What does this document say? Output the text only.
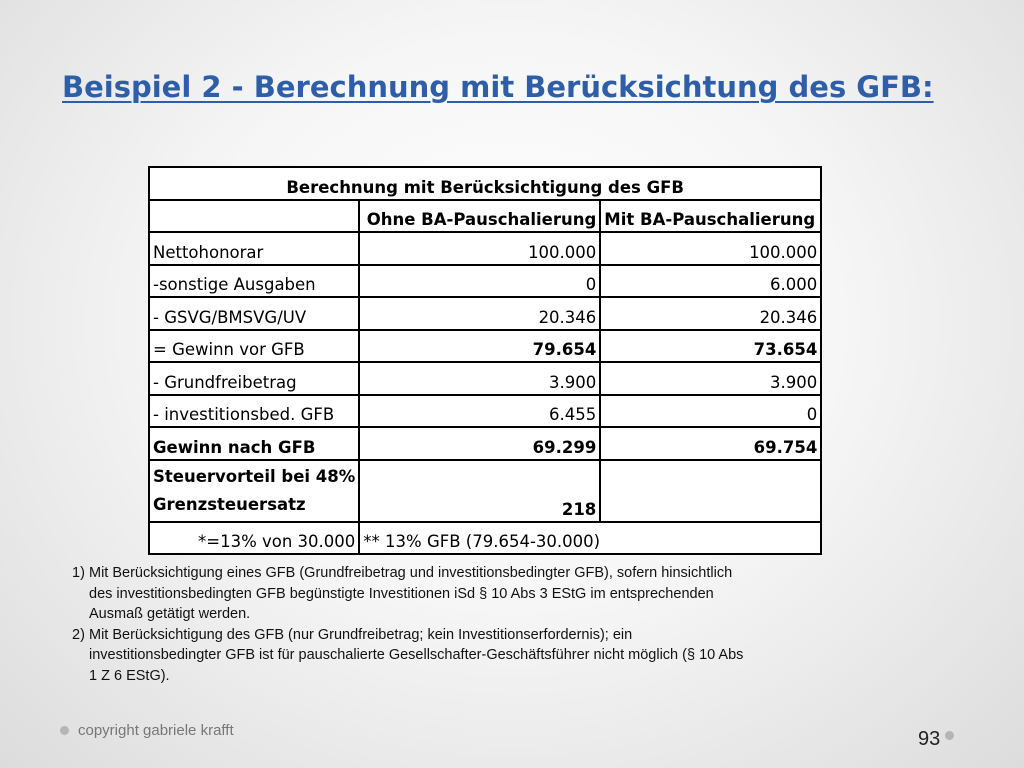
Beispiel 2 - Berechnung mit Berücksichtung des GFB:
Berechnung mit Berücksichtigung des GFB		
	Ohne BA-Pauschalierung	Mit BA-Pauschalierung
Nettohonorar	100.000	100.000
-sonstige Ausgaben	0	6.000
- GSVG/BMSVG/UV	20.346	20.346
= Gewinn vor GFB	79.654	73.654
- Grundfreibetrag	3.900	3.900
- investitionsbed. GFB	6.455	0
Gewinn nach GFB	69.299	69.754
Steuervorteil bei 48%
Grenzsteuersatz	218	
*=13% von 30.000	** 13% GFB (79.654-30.000)	
1) Mit Berücksichtigung eines GFB (Grundfreibetrag und investitionsbedingter GFB), sofern hinsichtlich
des investitionsbedingten GFB begünstigte Investitionen iSd § 10 Abs 3 EStG im entsprechenden
Ausmaß getätigt werden.
2) Mit Berücksichtigung des GFB (nur Grundfreibetrag; kein Investitionserfordernis); ein
investitionsbedingter GFB ist für pauschalierte Gesellschafter-Geschäftsführer nicht möglich (§ 10 Abs
1 Z 6 EStG).
copyright gabriele krafft	93
